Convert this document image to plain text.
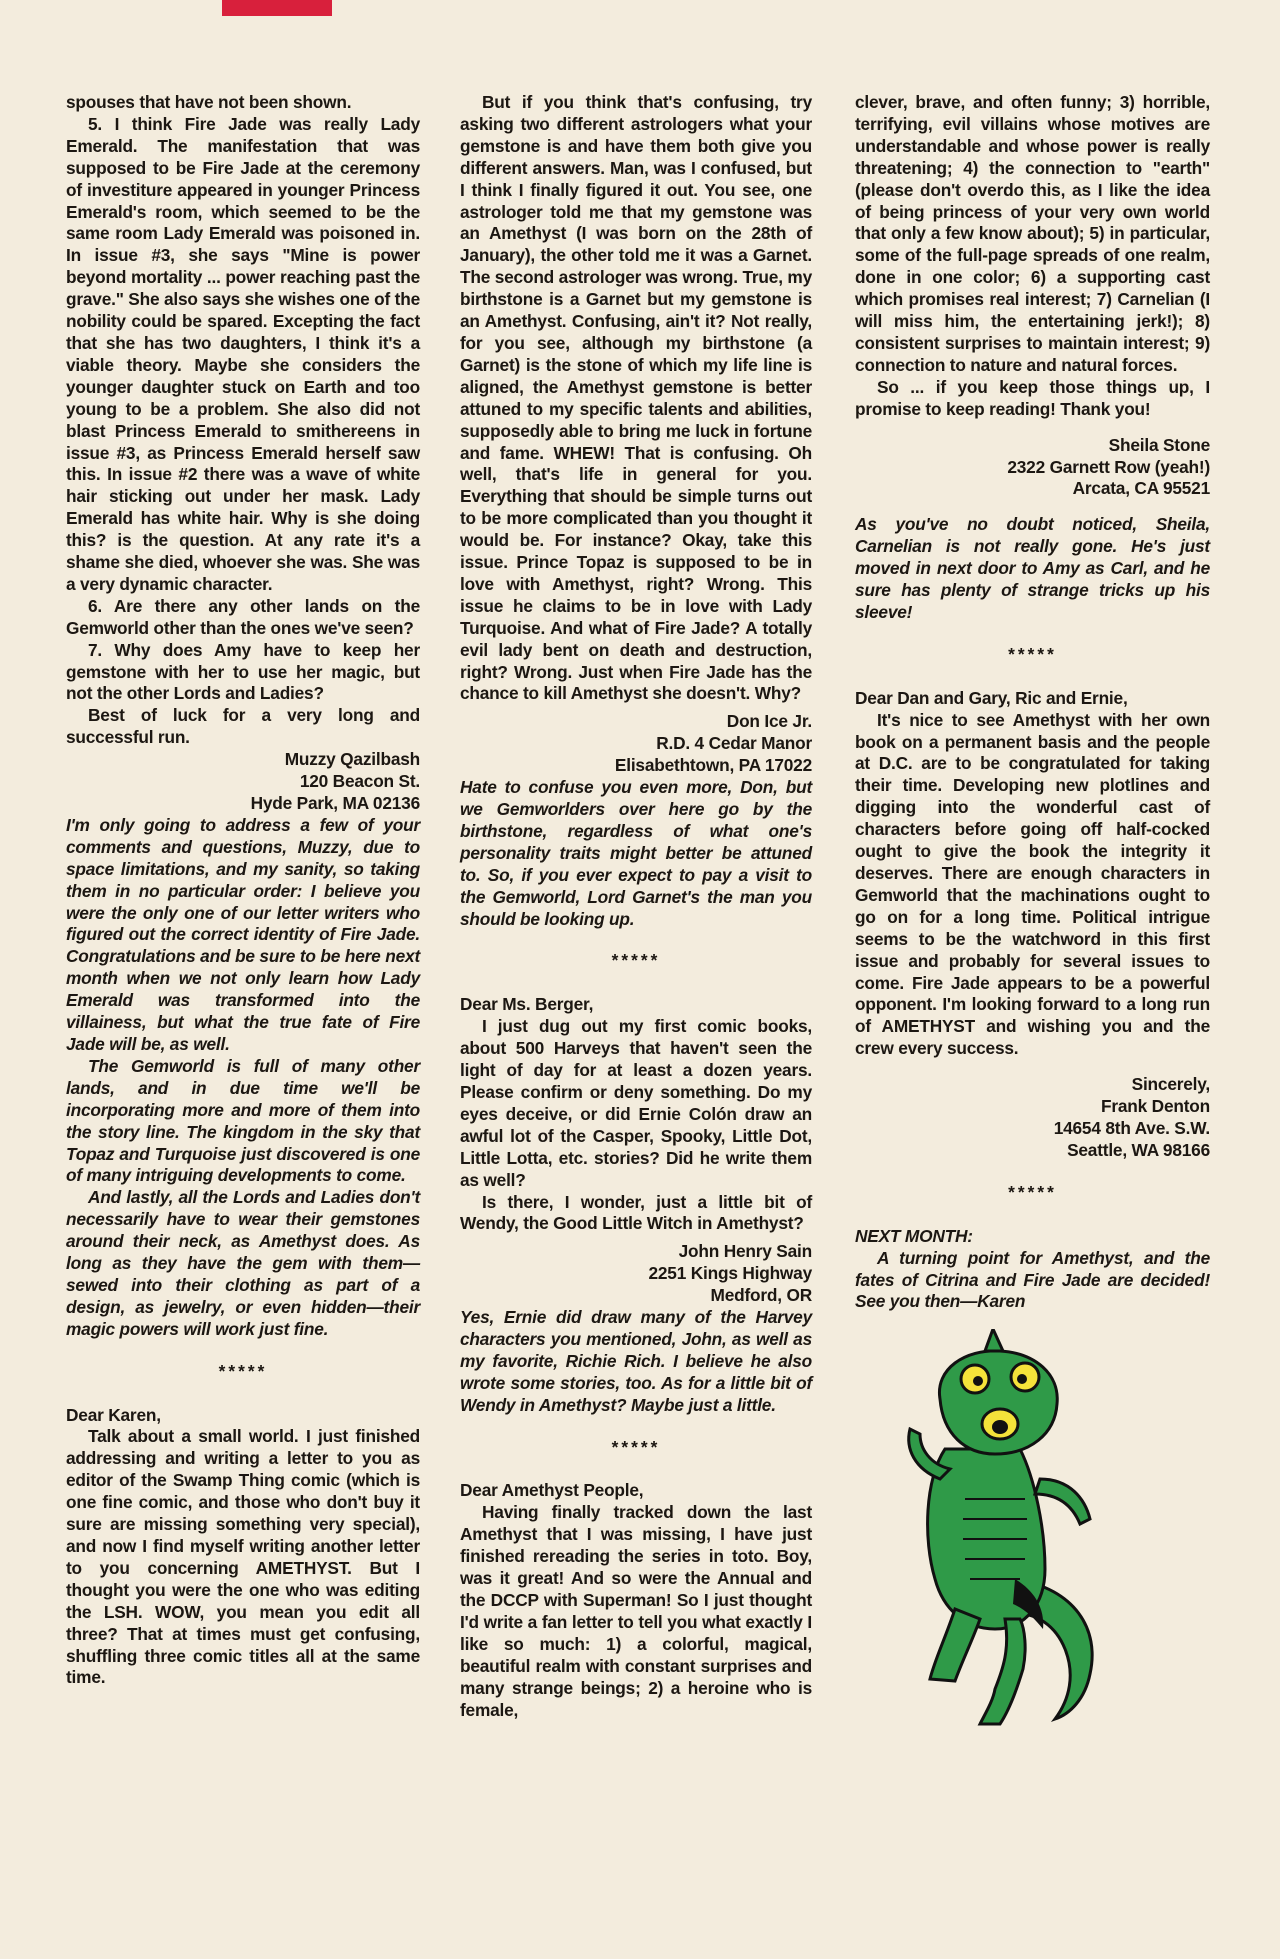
spouses that have not been shown.

5. I think Fire Jade was really Lady Emerald. The manifestation that was supposed to be Fire Jade at the ceremony of investiture appeared in younger Princess Emerald's room, which seemed to be the same room Lady Emerald was poisoned in. In issue #3, she says "Mine is power beyond mortality ... power reaching past the grave." She also says she wishes one of the nobility could be spared. Excepting the fact that she has two daughters, I think it's a viable theory. Maybe she considers the younger daughter stuck on Earth and too young to be a problem. She also did not blast Princess Emerald to smithereens in issue #3, as Princess Emerald herself saw this. In issue #2 there was a wave of white hair sticking out under her mask. Lady Emerald has white hair. Why is she doing this? is the question. At any rate it's a shame she died, whoever she was. She was a very dynamic character.

6. Are there any other lands on the Gemworld other than the ones we've seen?

7. Why does Amy have to keep her gemstone with her to use her magic, but not the other Lords and Ladies?

Best of luck for a very long and successful run.

Muzzy Qazilbash
120 Beacon St.
Hyde Park, MA 02136

I'm only going to address a few of your comments and questions, Muzzy, due to space limitations, and my sanity, so taking them in no particular order: I believe you were the only one of our letter writers who figured out the correct identity of Fire Jade. Congratulations and be sure to be here next month when we not only learn how Lady Emerald was transformed into the villainess, but what the true fate of Fire Jade will be, as well.

The Gemworld is full of many other lands, and in due time we'll be incorporating more and more of them into the story line. The kingdom in the sky that Topaz and Turquoise just discovered is one of many intriguing developments to come.

And lastly, all the Lords and Ladies don't necessarily have to wear their gemstones around their neck, as Amethyst does. As long as they have the gem with them—sewed into their clothing as part of a design, as jewelry, or even hidden—their magic powers will work just fine.

*****

Dear Karen,

Talk about a small world. I just finished addressing and writing a letter to you as editor of the Swamp Thing comic (which is one fine comic, and those who don't buy it sure are missing something very special), and now I find myself writing another letter to you concerning AMETHYST. But I thought you were the one who was editing the LSH. WOW, you mean you edit all three? That at times must get confusing, shuffling three comic titles all at the same time.

But if you think that's confusing, try asking two different astrologers what your gemstone is and have them both give you different answers. Man, was I confused, but I think I finally figured it out. You see, one astrologer told me that my gemstone was an Amethyst (I was born on the 28th of January), the other told me it was a Garnet. The second astrologer was wrong. True, my birthstone is a Garnet but my gemstone is an Amethyst. Confusing, ain't it? Not really, for you see, although my birthstone (a Garnet) is the stone of which my life line is aligned, the Amethyst gemstone is better attuned to my specific talents and abilities, supposedly able to bring me luck in fortune and fame. WHEW! That is confusing. Oh well, that's life in general for you. Everything that should be simple turns out to be more complicated than you thought it would be. For instance? Okay, take this issue. Prince Topaz is supposed to be in love with Amethyst, right? Wrong. This issue he claims to be in love with Lady Turquoise. And what of Fire Jade? A totally evil lady bent on death and destruction, right? Wrong. Just when Fire Jade has the chance to kill Amethyst she doesn't. Why?

Don Ice Jr.
R.D. 4 Cedar Manor
Elisabethtown, PA 17022

Hate to confuse you even more, Don, but we Gemworlders over here go by the birthstone, regardless of what one's personality traits might better be attuned to. So, if you ever expect to pay a visit to the Gemworld, Lord Garnet's the man you should be looking up.

*****

Dear Ms. Berger,

I just dug out my first comic books, about 500 Harveys that haven't seen the light of day for at least a dozen years. Please confirm or deny something. Do my eyes deceive, or did Ernie Colón draw an awful lot of the Casper, Spooky, Little Dot, Little Lotta, etc. stories? Did he write them as well?

Is there, I wonder, just a little bit of Wendy, the Good Little Witch in Amethyst?

John Henry Sain
2251 Kings Highway
Medford, OR

Yes, Ernie did draw many of the Harvey characters you mentioned, John, as well as my favorite, Richie Rich. I believe he also wrote some stories, too. As for a little bit of Wendy in Amethyst? Maybe just a little.

*****

Dear Amethyst People,

Having finally tracked down the last Amethyst that I was missing, I have just finished rereading the series in toto. Boy, was it great! And so were the Annual and the DCCP with Superman! So I just thought I'd write a fan letter to tell you what exactly I like so much: 1) a colorful, magical, beautiful realm with constant surprises and many strange beings; 2) a heroine who is female,

clever, brave, and often funny; 3) horrible, terrifying, evil villains whose motives are understandable and whose power is really threatening; 4) the connection to "earth" (please don't overdo this, as I like the idea of being princess of your very own world that only a few know about); 5) in particular, some of the full-page spreads of one realm, done in one color; 6) a supporting cast which promises real interest; 7) Carnelian (I will miss him, the entertaining jerk!); 8) consistent surprises to maintain interest; 9) connection to nature and natural forces.

So ... if you keep those things up, I promise to keep reading! Thank you!

Sheila Stone
2322 Garnett Row (yeah!)
Arcata, CA 95521

As you've no doubt noticed, Sheila, Carnelian is not really gone. He's just moved in next door to Amy as Carl, and he sure has plenty of strange tricks up his sleeve!

*****

Dear Dan and Gary, Ric and Ernie,

It's nice to see Amethyst with her own book on a permanent basis and the people at D.C. are to be congratulated for taking their time. Developing new plotlines and digging into the wonderful cast of characters before going off half-cocked ought to give the book the integrity it deserves. There are enough characters in Gemworld that the machinations ought to go on for a long time. Political intrigue seems to be the watchword in this first issue and probably for several issues to come. Fire Jade appears to be a powerful opponent. I'm looking forward to a long run of AMETHYST and wishing you and the crew every success.

Sincerely,
Frank Denton
14654 8th Ave. S.W.
Seattle, WA 98166
*****

NEXT MONTH:

A turning point for Amethyst, and the fates of Citrina and Fire Jade are decided! See you then—Karen
